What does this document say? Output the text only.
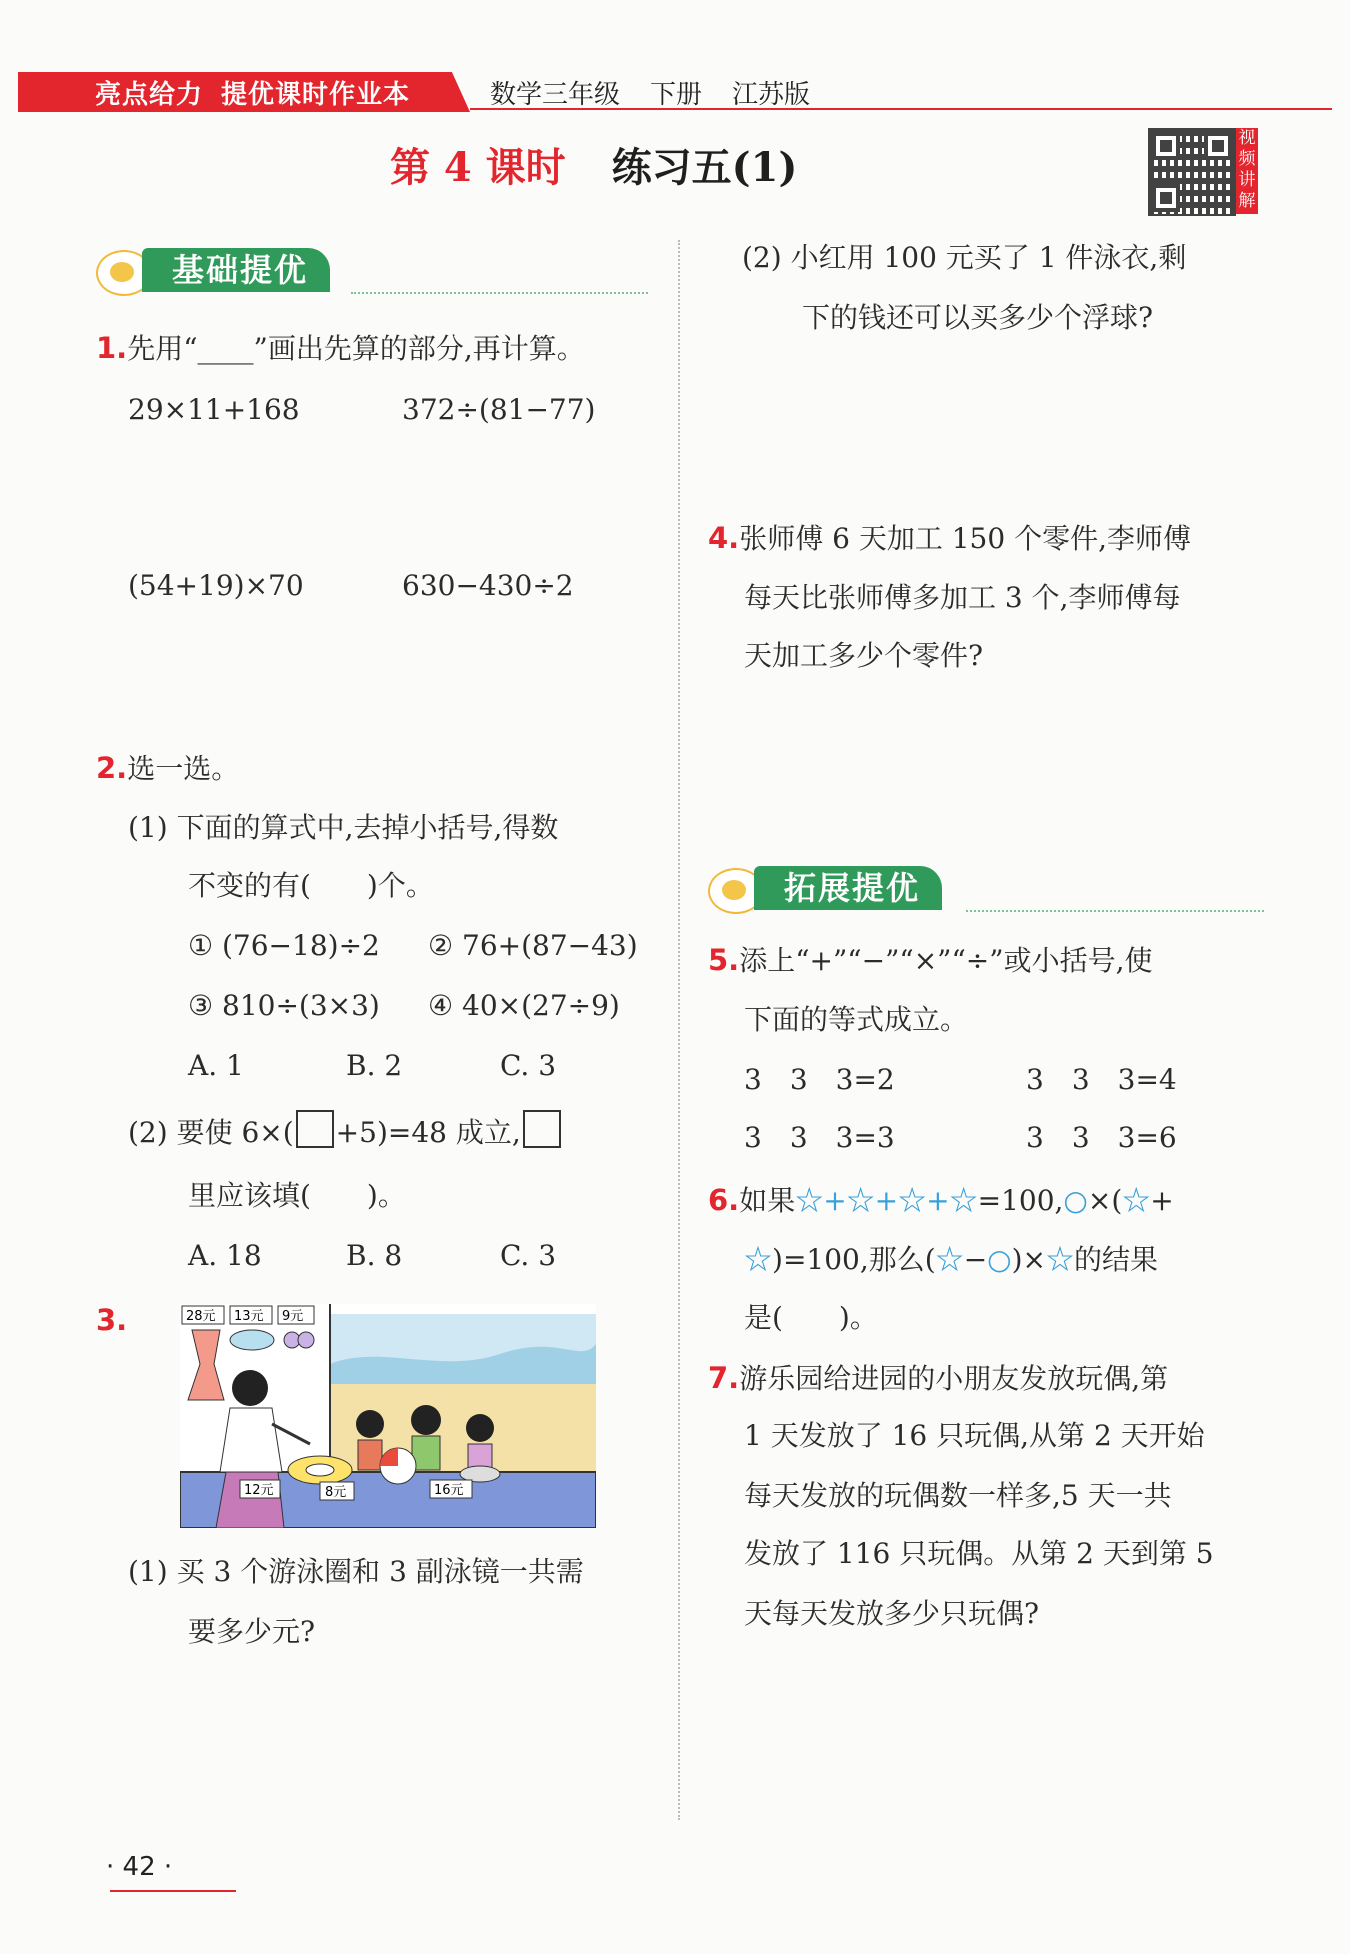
亮点给力 提优课时作业本	数学三年级 下册 江苏版
第 4 课时 练习五(1)
视频讲解
基础提优
1.先用“____”画出先算的部分,再计算。
29×11+168	372÷(81−77)
(54+19)×70	630−430÷2
2.选一选。
(1) 下面的算式中,去掉小括号,得数
不变的有(　　)个。
① (76−18)÷2 ② 76+(87−43)
③ 810÷(3×3) ④ 40×(27÷9)
A. 1	B. 2	C. 3
(2) 要使 6×( +5)=48 成立,
里应该填(　　)。
A. 18	B. 8	C. 3
3.	28元 13元 9元
12元	8元	16元
(1) 买 3 个游泳圈和 3 副泳镜一共需
要多少元?
(2) 小红用 100 元买了 1 件泳衣,剩
下的钱还可以买多少个浮球?
4.张师傅 6 天加工 150 个零件,李师傅
每天比张师傅多加工 3 个,李师傅每
天加工多少个零件?
拓展提优
5.添上“+”“−”“×”“÷”或小括号,使
下面的等式成立。
3　3　3=2	3　3　3=4
3　3　3=3	3　3　3=6
6.如果☆+☆+☆+☆=100,○×(☆+
☆)=100,那么(☆−○)×☆的结果
是(　　)。
7.游乐园给进园的小朋友发放玩偶,第
1 天发放了 16 只玩偶,从第 2 天开始
每天发放的玩偶数一样多,5 天一共
发放了 116 只玩偶。从第 2 天到第 5
天每天发放多少只玩偶?
· 42 ·
